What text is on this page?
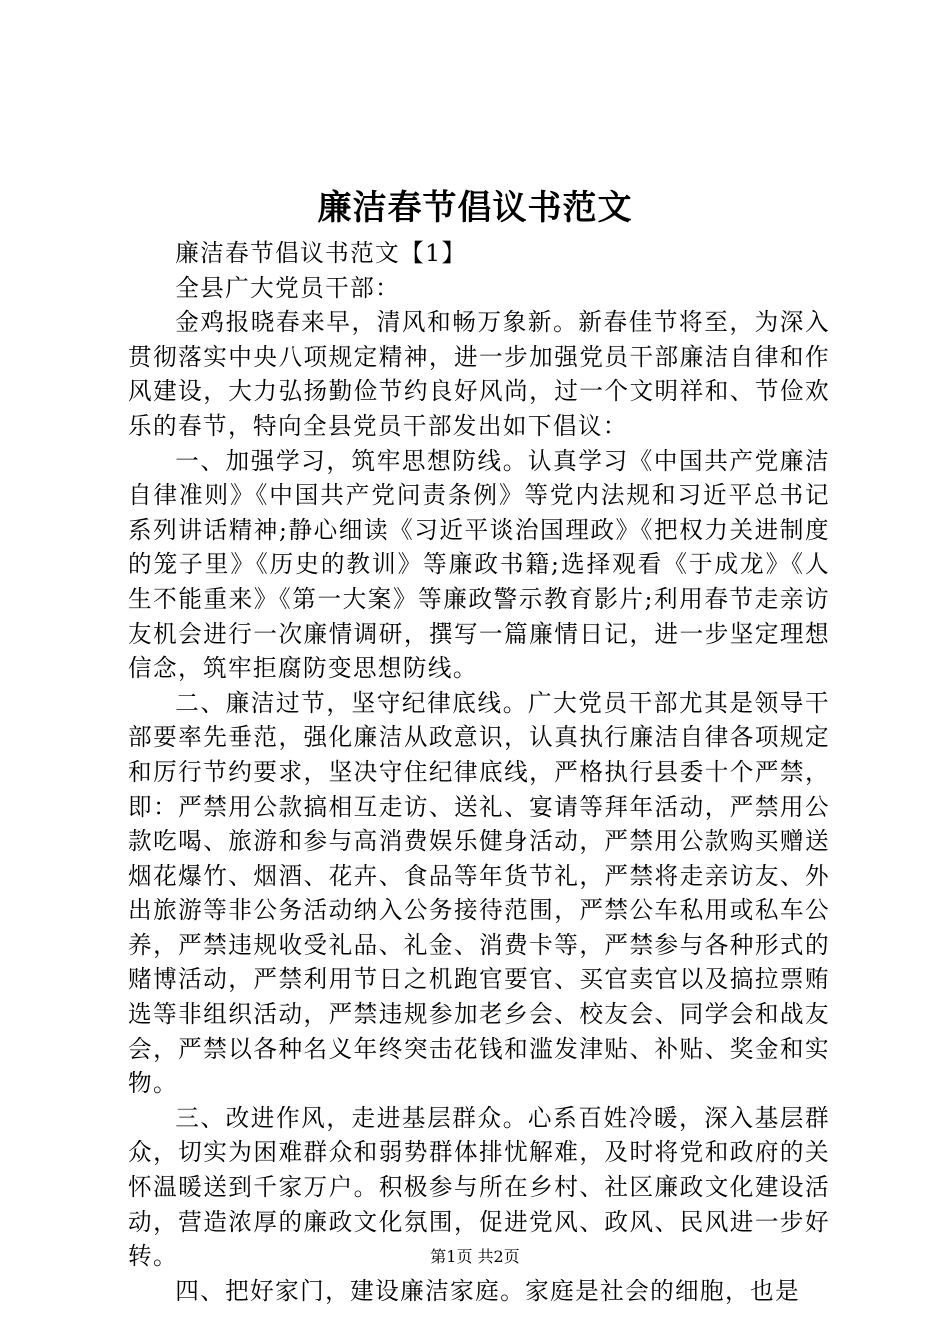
廉洁春节倡议书范文

廉洁春节倡议书范文【1】

全县广大党员干部：

金鸡报晓春来早，清风和畅万象新。新春佳节将至，为深入贯彻落实中央八项规定精神，进一步加强党员干部廉洁自律和作风建设，大力弘扬勤俭节约良好风尚，过一个文明祥和、节俭欢乐的春节，特向全县党员干部发出如下倡议：

一、加强学习，筑牢思想防线。认真学习《中国共产党廉洁自律准则》《中国共产党问责条例》等党内法规和习近平总书记系列讲话精神;静心细读《习近平谈治国理政》《把权力关进制度的笼子里》《历史的教训》等廉政书籍;选择观看《于成龙》《人生不能重来》《第一大案》等廉政警示教育影片;利用春节走亲访友机会进行一次廉情调研，撰写一篇廉情日记，进一步坚定理想信念，筑牢拒腐防变思想防线。

二、廉洁过节，坚守纪律底线。广大党员干部尤其是领导干部要率先垂范，强化廉洁从政意识，认真执行廉洁自律各项规定和厉行节约要求，坚决守住纪律底线，严格执行县委十个严禁，即：严禁用公款搞相互走访、送礼、宴请等拜年活动，严禁用公款吃喝、旅游和参与高消费娱乐健身活动，严禁用公款购买赠送烟花爆竹、烟酒、花卉、食品等年货节礼，严禁将走亲访友、外出旅游等非公务活动纳入公务接待范围，严禁公车私用或私车公养，严禁违规收受礼品、礼金、消费卡等，严禁参与各种形式的赌博活动，严禁利用节日之机跑官要官、买官卖官以及搞拉票贿选等非组织活动，严禁违规参加老乡会、校友会、同学会和战友会，严禁以各种名义年终突击花钱和滥发津贴、补贴、奖金和实物。

三、改进作风，走进基层群众。心系百姓冷暖，深入基层群众，切实为困难群众和弱势群体排忧解难，及时将党和政府的关怀温暖送到千家万户。积极参与所在乡村、社区廉政文化建设活动，营造浓厚的廉政文化氛围，促进党风、政风、民风进一步好转。

四、把好家门，建设廉洁家庭。家庭是社会的细胞，也是

第1页 共2页
